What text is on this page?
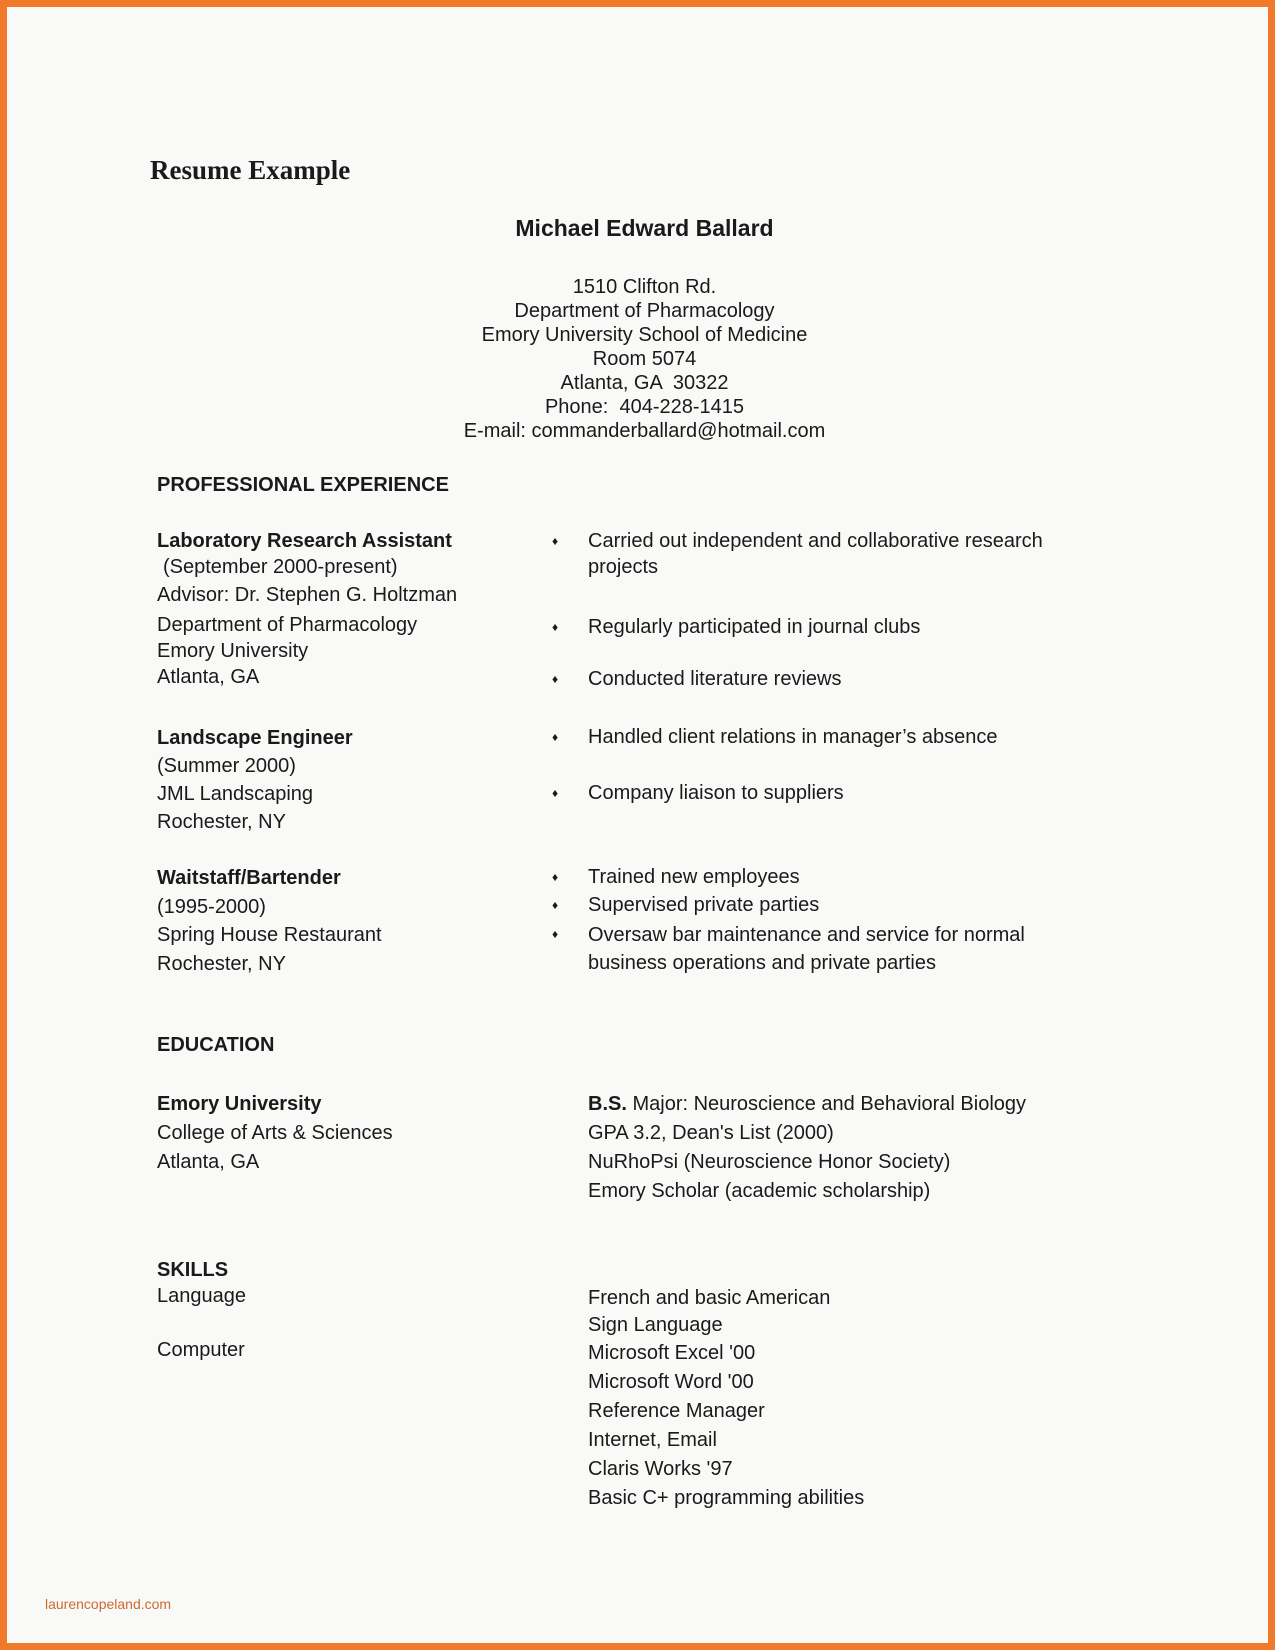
Resume Example
Michael Edward Ballard
1510 Clifton Rd.
Department of Pharmacology
Emory University School of Medicine
Room 5074
Atlanta, GA  30322
Phone:  404-228-1415
E-mail: commanderballard@hotmail.com
PROFESSIONAL EXPERIENCE
Laboratory Research Assistant
(September 2000-present)
Advisor: Dr. Stephen G. Holtzman
Department of Pharmacology
Emory University
Atlanta, GA
♦ Carried out independent and collaborative research
projects
♦ Regularly participated in journal clubs
♦ Conducted literature reviews
Landscape Engineer
(Summer 2000)
JML Landscaping
Rochester, NY
♦ Handled client relations in manager’s absence
♦ Company liaison to suppliers
Waitstaff/Bartender
(1995-2000)
Spring House Restaurant
Rochester, NY
♦ Trained new employees
♦ Supervised private parties
♦ Oversaw bar maintenance and service for normal
business operations and private parties
EDUCATION
Emory University
College of Arts & Sciences
Atlanta, GA
B.S. Major: Neuroscience and Behavioral Biology
GPA 3.2, Dean's List (2000)
NuRhoPsi (Neuroscience Honor Society)
Emory Scholar (academic scholarship)
SKILLS
Language	French and basic American
Sign Language
Computer	Microsoft Excel '00
Microsoft Word '00
Reference Manager
Internet, Email
Claris Works '97
Basic C+ programming abilities
laurencopeland.com
